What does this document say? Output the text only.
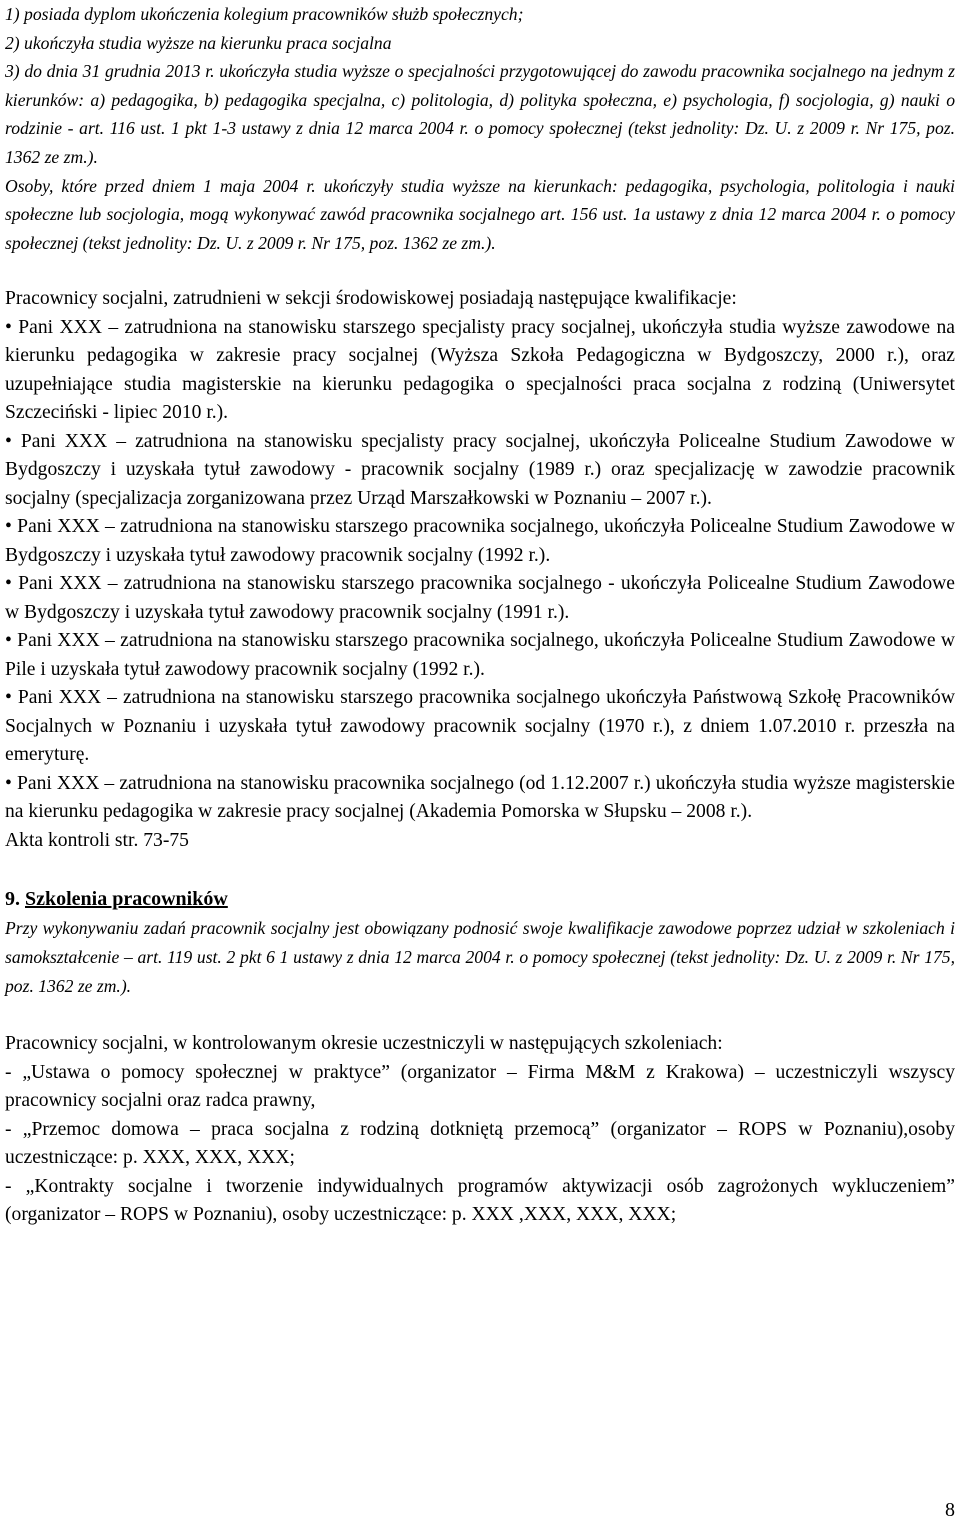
1) posiada dyplom ukończenia kolegium pracowników służb społecznych;
2) ukończyła studia wyższe na kierunku praca socjalna
3) do dnia 31 grudnia 2013 r. ukończyła studia wyższe o specjalności przygotowującej do zawodu pracownika socjalnego na jednym z kierunków: a) pedagogika, b) pedagogika specjalna, c) politologia, d) polityka społeczna, e) psychologia, f) socjologia, g) nauki o rodzinie - art. 116 ust. 1 pkt 1-3 ustawy z dnia 12 marca 2004 r. o pomocy społecznej (tekst jednolity: Dz. U. z 2009 r. Nr 175, poz. 1362 ze zm.).
Osoby, które przed dniem 1 maja 2004 r. ukończyły studia wyższe na kierunkach: pedagogika, psychologia, politologia i nauki społeczne lub socjologia, mogą wykonywać zawód pracownika socjalnego art. 156 ust. 1a ustawy z dnia 12 marca 2004 r. o pomocy społecznej (tekst jednolity: Dz. U. z 2009 r. Nr 175, poz. 1362 ze zm.).
Pracownicy socjalni, zatrudnieni w sekcji środowiskowej posiadają następujące kwalifikacje:
• Pani XXX – zatrudniona na stanowisku starszego specjalisty pracy socjalnej, ukończyła studia wyższe zawodowe na kierunku pedagogika w zakresie pracy socjalnej (Wyższa Szkoła Pedagogiczna w Bydgoszczy, 2000 r.), oraz uzupełniające studia magisterskie na kierunku pedagogika o specjalności praca socjalna z rodziną (Uniwersytet Szczeciński - lipiec 2010 r.).
• Pani XXX – zatrudniona na stanowisku specjalisty pracy socjalnej, ukończyła Policealne Studium Zawodowe w Bydgoszczy i uzyskała tytuł zawodowy - pracownik socjalny (1989 r.) oraz specjalizację w zawodzie pracownik socjalny (specjalizacja zorganizowana przez Urząd Marszałkowski w Poznaniu – 2007 r.).
• Pani XXX – zatrudniona na stanowisku starszego pracownika socjalnego, ukończyła Policealne Studium Zawodowe w Bydgoszczy i uzyskała tytuł zawodowy pracownik socjalny (1992 r.).
• Pani XXX – zatrudniona na stanowisku starszego pracownika socjalnego - ukończyła Policealne Studium Zawodowe w Bydgoszczy i uzyskała tytuł zawodowy pracownik socjalny (1991 r.).
• Pani XXX – zatrudniona na stanowisku starszego pracownika socjalnego, ukończyła Policealne Studium Zawodowe w Pile i uzyskała tytuł zawodowy pracownik socjalny (1992 r.).
• Pani XXX – zatrudniona na stanowisku starszego pracownika socjalnego ukończyła Państwową Szkołę Pracowników Socjalnych w Poznaniu i uzyskała tytuł zawodowy pracownik socjalny (1970 r.), z dniem 1.07.2010 r. przeszła na emeryturę.
• Pani XXX – zatrudniona na stanowisku pracownika socjalnego (od 1.12.2007 r.) ukończyła studia wyższe magisterskie na kierunku pedagogika w zakresie pracy socjalnej (Akademia Pomorska w Słupsku – 2008 r.).
Akta kontroli str. 73-75
9. Szkolenia pracowników
Przy wykonywaniu zadań pracownik socjalny jest obowiązany podnosić swoje kwalifikacje zawodowe poprzez udział w szkoleniach i samokształcenie – art. 119 ust. 2 pkt 6 1 ustawy z dnia 12 marca 2004 r. o pomocy społecznej (tekst jednolity: Dz. U. z 2009 r. Nr 175, poz. 1362 ze zm.).
Pracownicy socjalni, w kontrolowanym okresie uczestniczyli w następujących szkoleniach:
- „Ustawa o pomocy społecznej w praktyce” (organizator – Firma M&M z Krakowa) – uczestniczyli wszyscy pracownicy socjalni oraz radca prawny,
- „Przemoc domowa – praca socjalna z rodziną dotkniętą przemocą” (organizator – ROPS w Poznaniu),osoby uczestniczące: p. XXX, XXX, XXX;
- „Kontrakty socjalne i tworzenie indywidualnych programów aktywizacji osób zagrożonych wykluczeniem” (organizator – ROPS w Poznaniu), osoby uczestniczące: p. XXX ,XXX, XXX, XXX;
8
